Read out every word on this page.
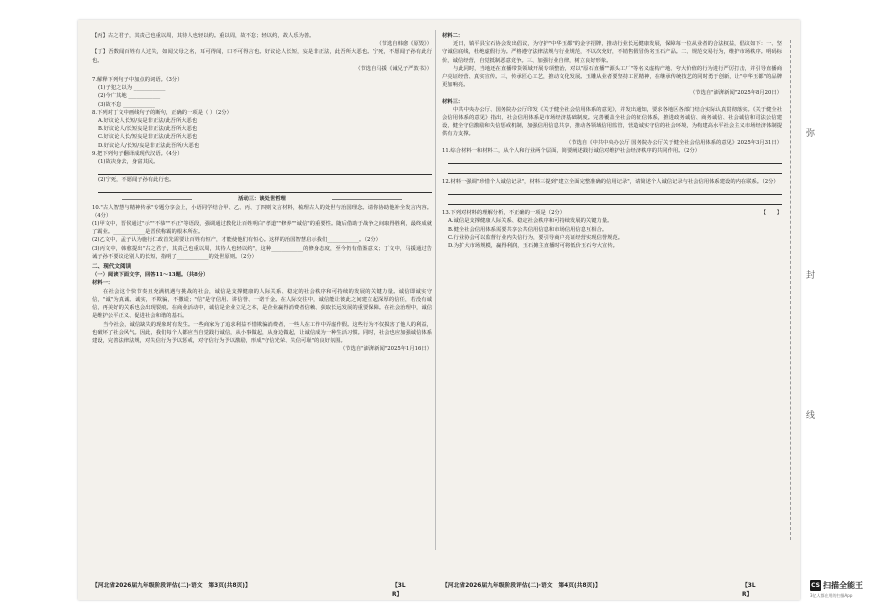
【丙】古之君子，其责己也重以周，其待人也轻以约。重以周，故不怠；轻以约，故人乐为善。

（节选自韩愈《原毁》）

【丁】吾数闻百姓有人过失，如闻父母之名，耳可得闻，口不可得言也。好议论人长短，妄是非正法，此吾所大恶也。宁死，不愿闻子孙有此行也。

（节选自马援《诫兄子严敦书》）

7.解释下列句子中加点的词语。（3分）

(1)子犯之以为 ____________

(2)今广其地 ____________

(3)故不怠 ____________

8.下列对丁文中画线句子的断句，正确的一项是（ ）（2分）

A.好议论人长短/妄是非正法/此吾所大恶也

B.好议论人/长短妄是非正法/此吾所大恶也

C.好议论人长/短妄是非正法/此吾所大恶也

D.好议论人/长短/妄是非正法此吾所/大恶也

9.把下列句子翻译成现代汉语。（4分）

(1)故决身去，身富其民。

(2)宁死，不愿闻子孙有此行也。

活动三：谈处世哲理

10."古人智慧与精神传承"专题分享会上，小语同学结合甲、乙、丙、丁四则文言材料，梳理古人的处世与治国理念。请你协助他补全发言内容。（4分）

(1)甲文中，晋侯通过"示""不恭""不正"等语段，强调通过教化让百姓明白"孝道""修养""诚信"的重要性。随后借助于战争之间取得胜利，最终成就了霸业。____________是晋侯称霸的根本所在。

(2)乙文中，孟子认为施行仁政首先需要让百姓有恒产，才能使他们有恒心。这样的治国智慧启示我们____________。（2分）

(3)丙文中，韩愈提出"古之君子，其责己也重以周，其待人也轻以约"，这种____________的修身态度，至今仍有借鉴意义；丁文中，马援通过告诫子孙不要议论别人的长短，指明了____________的处世原则。（2分）

二、现代文阅读

（一）阅读下面文字，回答11～13题。（共8分）

材料一：

在社会这个快节奏且充满机遇与挑战的社会，诚信是支撑健康的人际关系、稳定的社会秩序和可持续的发展的关键力量。诚信即诚实守信，"诚"为真诚、诚实，不欺骗，不撒谎；"信"是守信用、讲信誉、一诺千金。在人际交往中，诚信能让彼此之间建立起深厚的信任，若没有诚信，再美好的关系也会出现裂痕。在商业活动中，诚信是企业立足之本，是企业赢得消费者信赖、获取长远发展的重要保障。在社会治理中，诚信是维护公平正义、促进社会和谐的基石。

当今社会，诚信缺失的现象时有发生。一些商家为了追求利益不惜欺骗消费者，一些人在工作中弄虚作假。这些行为不仅损害了他人的利益，也破坏了社会风气。因此，我们每个人都应当自觉践行诚信，从小事做起，从身边做起，让诚信成为一种生活习惯。同时，社会也应加强诚信体系建设，完善法律法规，对失信行为予以惩戒，对守信行为予以激励，形成"守信光荣、失信可耻"的良好氛围。

（节选自"澎湃新闻"2025年1月16日）

材料二：

近日，镇平县宝石协会发出倡议，为守护"中华玉都"的金字招牌，推动行业长远健康发展，保障每一位从业者的合法权益，倡议如下：一、坚守诚信底线，杜绝虚假行为。严格遵守法律法规与行业规范，不以次充好，不销售假冒伪劣玉石产品。二、规范交易行为，维护市场秩序。明码标价，诚信经营，自觉抵制恶意竞争。三、加强行业自律，树立良好形象。

与此同时，当地还在直播带货领域开展专项整治，对以"原石直播""源头工厂"等名义虚构产地、夸大价值的行为进行严厉打击，并引导直播商户亮证经营、真实宣传。三，传承匠心工艺，推动文化发展。玉雕从业者要坚持工匠精神，在继承传统技艺的同时勇于创新，让"中华玉都"的品牌更加响亮。

（节选自"澎湃新闻"2025年8月20日）

材料三：

中共中央办公厅、国务院办公厅印发《关于健全社会信用体系的意见》，并发出通知，要求各地区各部门结合实际认真贯彻落实。《关于健全社会信用体系的意见》指出，社会信用体系是市场经济基础制度。完善覆盖全社会的征信体系，推进政务诚信、商务诚信、社会诚信和司法公信建设，健全守信激励和失信惩戒机制，加强信用信息共享，推动各领域信用监管，营造诚实守信的社会环境，为构建高水平社会主义市场经济体制提供有力支撑。

（节选自《中共中央办公厅 国务院办公厅关于健全社会信用体系的意见》2025年3月31日）

11.综合材料一和材料二，从个人和行业两个层面，简要阐述践行诚信对维护社会经济秩序的共同作用。（2分）

12.材料一强调"珍惜个人诚信记录"，材料三提到"建立全面完整准确的信用记录"，请简述个人诚信记录与社会信用体系建设的内在联系。（2分）

13.下列对材料的理解分析，不正确的一项是（2分）	【　　】

A.诚信是支撑健康人际关系、稳定社会秩序和可持续发展的关键力量。

B.健全社会信用体系需要共享公共信用信息和市场信用信息互相合。

C.行业协会可以监督行业内失信行为，要引导商户亮证经营实现信誉规范。

D.为扩大市场规模，赢得利润，玉石摊主直播时可将低价玉石夸大宣传。

【河北省2026届九年级阶段评估(二)·语文　第3页(共8页)】	【3L R】
【河北省2026届九年级阶段评估(二)·语文　第4页(共8页)】	【3L R】
弥
封
线
CS 扫描全能王
3亿人都在用的扫描App
